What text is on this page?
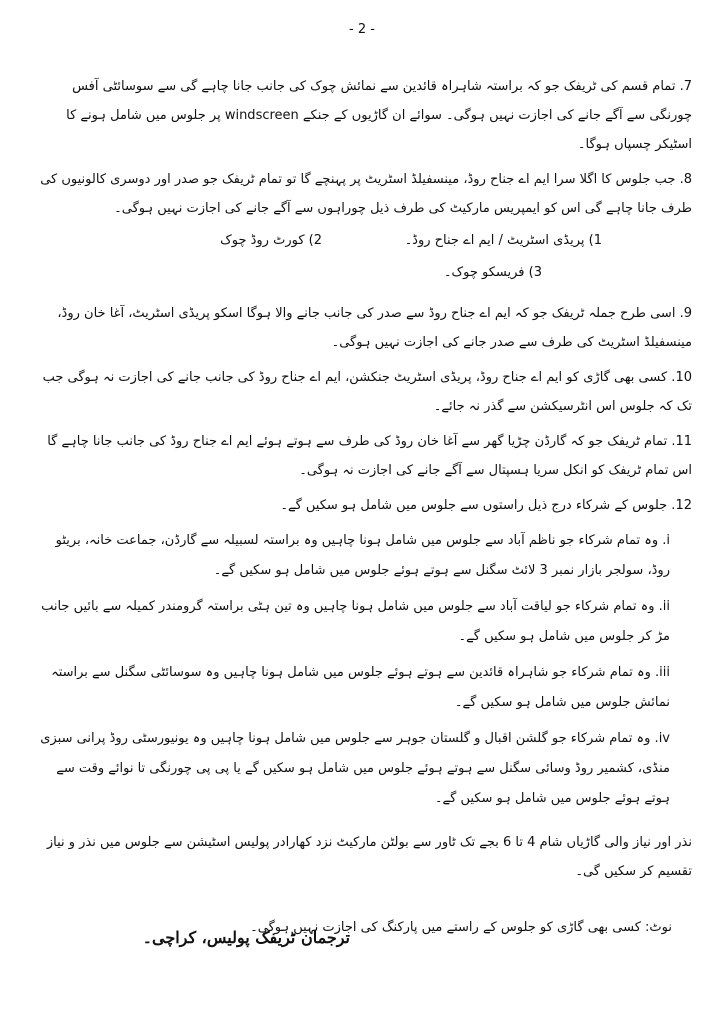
- 2 -

7. تمام قسم کی ٹریفک جو کہ براستہ شاہراہ قائدین سے نمائش چوک کی جانب جانا چاہے گی سے سوسائٹی آفس چورنگی سے آگے جانے کی اجازت نہیں ہوگی۔ سوائے ان گاڑیوں کے جنکے windscreen پر جلوس میں شامل ہونے کا اسٹیکر چسپاں ہوگا۔

8. جب جلوس کا اگلا سرا ایم اے جناح روڈ، مینسفیلڈ اسٹریٹ پر پہنچے گا تو تمام ٹریفک جو صدر اور دوسری کالونیوں کی طرف جانا چاہے گی اس کو ایمپریس مارکیٹ کی طرف ذیل چوراہوں سے آگے جانے کی اجازت نہیں ہوگی۔

1) پریڈی اسٹریٹ / ایم اے جناح روڈ۔
2) کورٹ روڈ چوک
3) فریسکو چوک۔

9. اسی طرح جملہ ٹریفک جو کہ ایم اے جناح روڈ سے صدر کی جانب جانے والا ہوگا اسکو پریڈی اسٹریٹ، آغا خان روڈ، مینسفیلڈ اسٹریٹ کی طرف سے صدر جانے کی اجازت نہیں ہوگی۔

10. کسی بھی گاڑی کو ایم اے جناح روڈ، پریڈی اسٹریٹ جنکشن، ایم اے جناح روڈ کی جانب جانے کی اجازت نہ ہوگی جب تک کہ جلوس اس انٹرسیکشن سے گذر نہ جائے۔

11. تمام ٹریفک جو کہ گارڈن چڑیا گھر سے آغا خان روڈ کی طرف سے ہوتے ہوئے ایم اے جناح روڈ کی جانب جانا چاہے گا اس تمام ٹریفک کو انکل سریا ہسپتال سے آگے جانے کی اجازت نہ ہوگی۔

12. جلوس کے شرکاء درج ذیل راستوں سے جلوس میں شامل ہو سکیں گے۔

i. وہ تمام شرکاء جو ناظم آباد سے جلوس میں شامل ہونا چاہیں وہ براستہ لسبیلہ سے گارڈن، جماعت خانہ، بریٹو روڈ، سولجر بازار نمبر 3 لائٹ سگنل سے ہوتے ہوئے جلوس میں شامل ہو سکیں گے۔

ii. وہ تمام شرکاء جو لیاقت آباد سے جلوس میں شامل ہونا چاہیں وہ تین ہٹی براستہ گرومندر کمیلہ سے بائیں جانب مڑ کر جلوس میں شامل ہو سکیں گے۔

iii. وہ تمام شرکاء جو شاہراہ قائدین سے ہوتے ہوئے جلوس میں شامل ہونا چاہیں وہ سوسائٹی سگنل سے براستہ نمائش جلوس میں شامل ہو سکیں گے۔

iv. وہ تمام شرکاء جو گلشن اقبال و گلستان جوہر سے جلوس میں شامل ہونا چاہیں وہ یونیورسٹی روڈ پرانی سبزی منڈی، کشمیر روڈ وسائی سگنل سے ہوتے ہوئے جلوس میں شامل ہو سکیں گے یا پی پی چورنگی تا نوائے وقت سے ہوتے ہوئے جلوس میں شامل ہو سکیں گے۔

نذر اور نیاز والی گاڑیاں شام 4 تا 6 بجے تک ٹاور سے بولٹن مارکیٹ نزد کھارادر پولیس اسٹیشن سے جلوس میں نذر و نیاز تقسیم کر سکیں گی۔

نوٹ: کسی بھی گاڑی کو جلوس کے راستے میں پارکنگ کی اجازت نہیں ہوگی۔

ترجمان ٹریفک پولیس، کراچی۔
